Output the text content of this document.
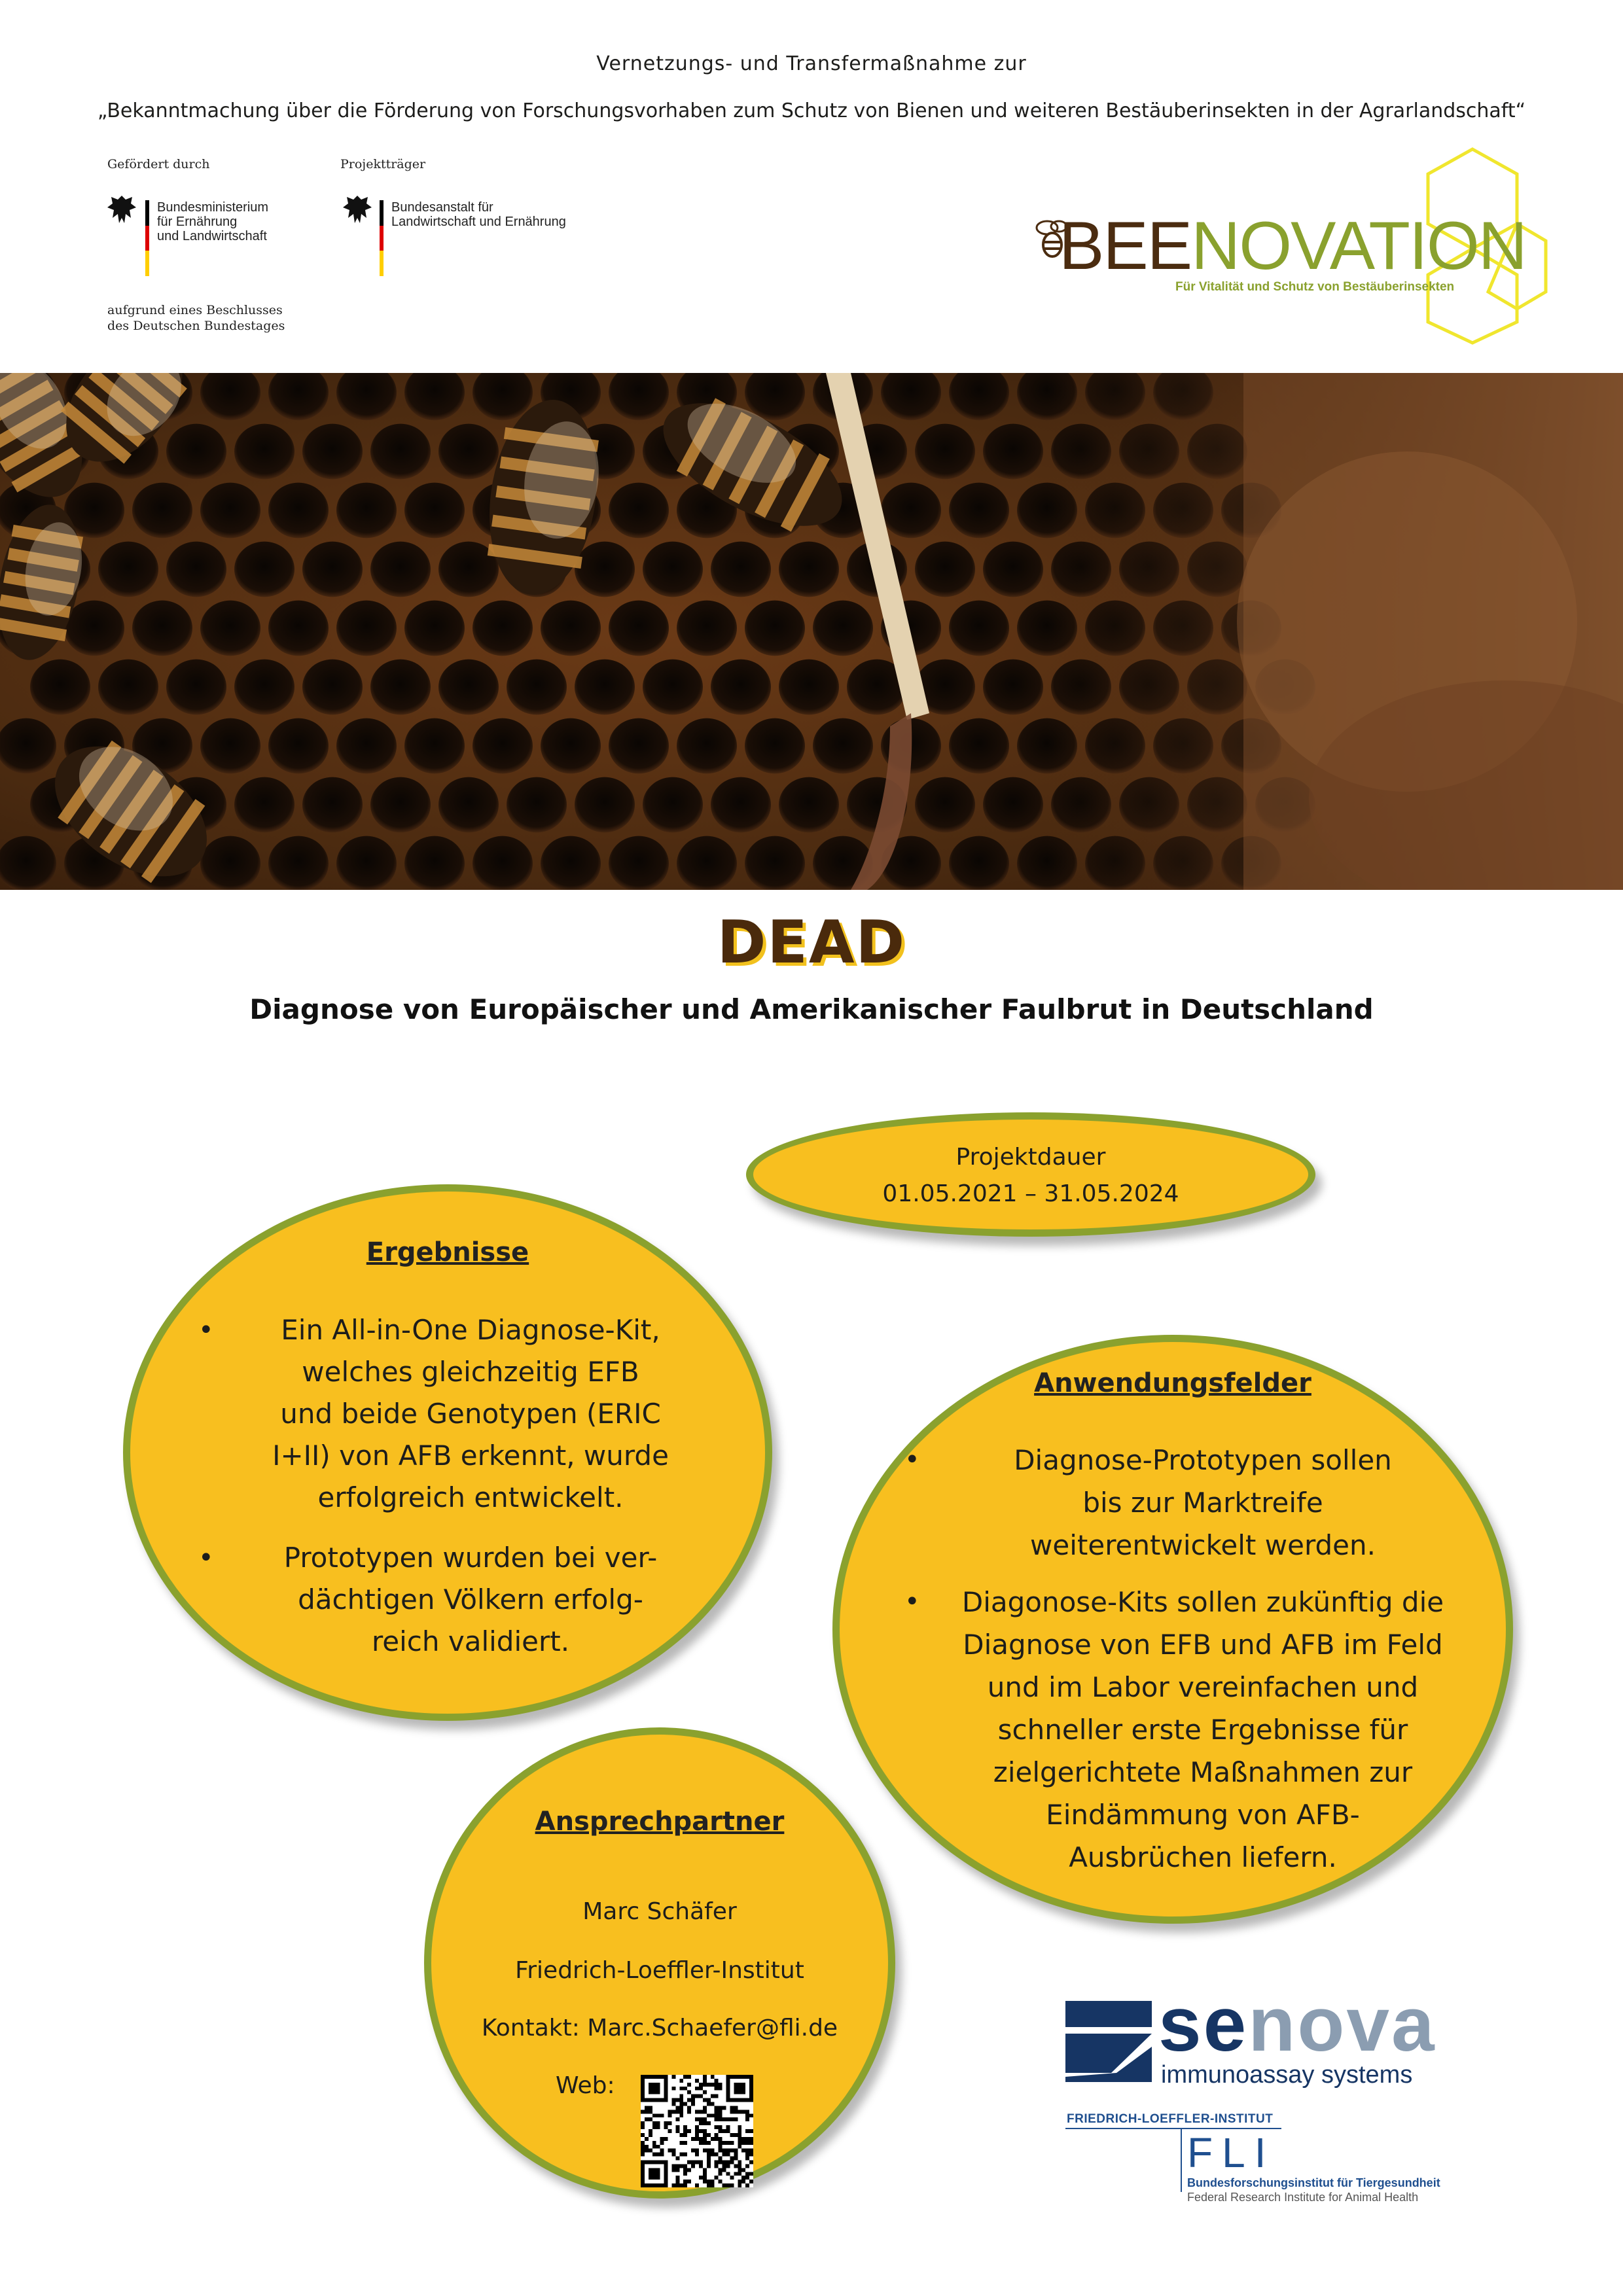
Vernetzungs- und Transfermaßnahme zur
„Bekanntmachung über die Förderung von Forschungsvorhaben zum Schutz von Bienen und weiteren Bestäuberinsekten in der Agrarlandschaft“
Gefördert durch
Bundesministerium
für Ernährung
und Landwirtschaft
aufgrund eines Beschlusses
des Deutschen Bundestages
Projektträger
Bundesanstalt für
Landwirtschaft und Ernährung	BEENOVATION
Für Vitalität und Schutz von Bestäuberinsekten
DEAD
Diagnose von Europäischer und Amerikanischer Faulbrut in Deutschland
Projektdauer
01.05.2021 – 31.05.2024
Ergebnisse
• Ein All-in-One Diagnose-Kit,
welches gleichzeitig EFB
und beide Genotypen (ERIC
I+II) von AFB erkennt, wurde
erfolgreich entwickelt.
• Prototypen wurden bei ver-
dächtigen Völkern erfolg-
reich validiert.
Anwendungsfelder
• Diagnose-Prototypen sollen
bis zur Marktreife
weiterentwickelt werden.
• Diagonose-Kits sollen zukünftig die
Diagnose von EFB und AFB im Feld
und im Labor vereinfachen und
schneller erste Ergebnisse für
zielgerichtete Maßnahmen zur
Eindämmung von AFB-
Ausbrüchen liefern.
Ansprechpartner
Marc Schäfer
Friedrich-Loeffler-Institut
Kontakt: Marc.Schaefer@fli.de
Web:
senova
immunoassay systems
FRIEDRICH-LOEFFLER-INSTITUT
FLI
Bundesforschungsinstitut für Tiergesundheit
Federal Research Institute for Animal Health
